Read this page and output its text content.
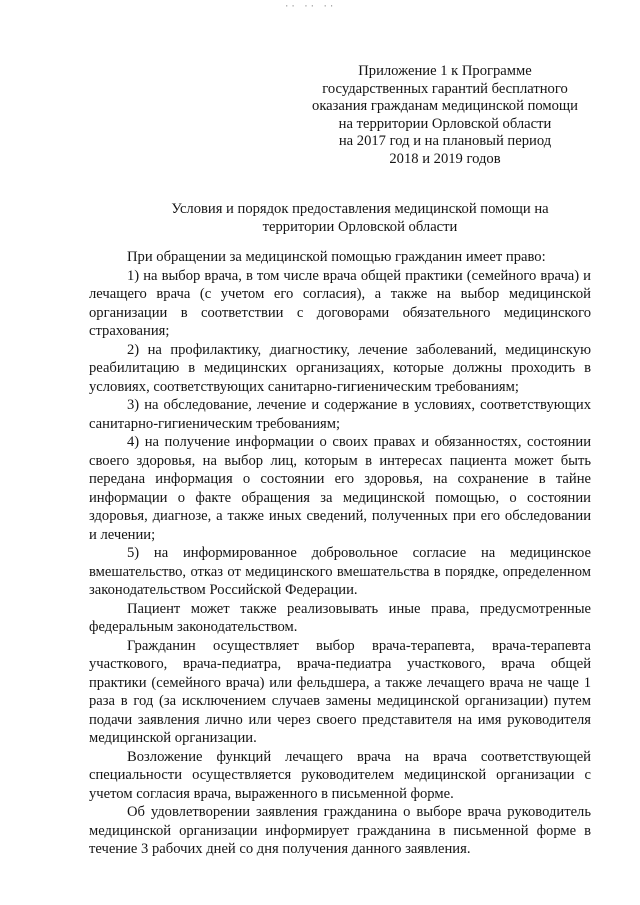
·· ·· ··
Приложение 1 к Программе
государственных гарантий бесплатного
оказания гражданам медицинской помощи
на территории Орловской области
на 2017 год и на плановый период
2018 и 2019 годов
Условия и порядок предоставления медицинской помощи на
территории Орловской области

При обращении за медицинской помощью гражданин имеет право:

1) на выбор врача, в том числе врача общей практики (семейного врача) и лечащего врача (с учетом его согласия), а также на выбор медицинской организации в соответствии с договорами обязательного медицинского страхования;

2) на профилактику, диагностику, лечение заболеваний, медицинскую реабилитацию в медицинских организациях, которые должны проходить в условиях, соответствующих санитарно-гигиеническим требованиям;

3) на обследование, лечение и содержание в условиях, соответствующих санитарно-гигиеническим требованиям;

4) на получение информации о своих правах и обязанностях, состоянии своего здоровья, на выбор лиц, которым в интересах пациента может быть передана информация о состоянии его здоровья, на сохранение в тайне информации о факте обращения за медицинской помощью, о состоянии здоровья, диагнозе, а также иных сведений, полученных при его обследовании и лечении;

5) на информированное добровольное согласие на медицинское вмешательство, отказ от медицинского вмешательства в порядке, определенном законодательством Российской Федерации.

Пациент может также реализовывать иные права, предусмотренные федеральным законодательством.

Гражданин осуществляет выбор врача-терапевта, врача-терапевта участкового, врача-педиатра, врача-педиатра участкового, врача общей практики (семейного врача) или фельдшера, а также лечащего врача не чаще 1 раза в год (за исключением случаев замены медицинской организации) путем подачи заявления лично или через своего представителя на имя руководителя медицинской организации.

Возложение функций лечащего врача на врача соответствующей специальности осуществляется руководителем медицинской организации с учетом согласия врача, выраженного в письменной форме.

Об удовлетворении заявления гражданина о выборе врача руководитель медицинской организации информирует гражданина в письменной форме в течение 3 рабочих дней со дня получения данного заявления.
